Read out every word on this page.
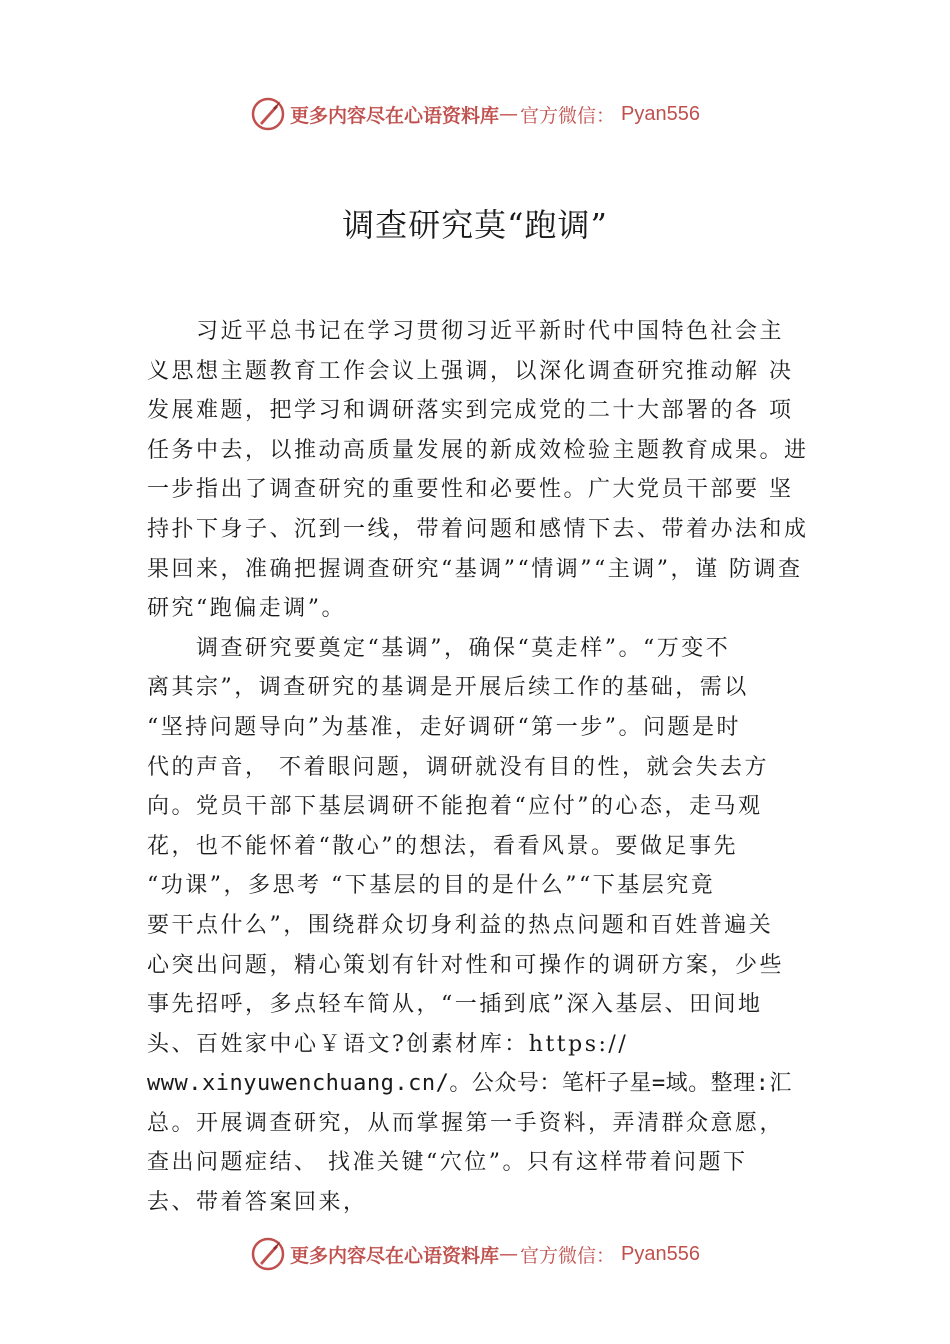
更多内容尽在心语资料库 — 官方微信： Pyan556
调查研究莫“跑调”
　　习近平总书记在学习贯彻习近平新时代中国特色社会主
义思想主题教育工作会议上强调，以深化调查研究推动解 决
发展难题，把学习和调研落实到完成党的二十大部署的各 项
任务中去，以推动高质量发展的新成效检验主题教育成果。进
一步指出了调查研究的重要性和必要性。广大党员干部要 坚
持扑下身子、沉到一线，带着问题和感情下去、带着办法和成
果回来，准确把握调查研究“基调”“情调”“主调”，谨 防调查
研究“跑偏走调”。
　　调查研究要奠定“基调”，确保“莫走样”。“万变不
离其宗”，调查研究的基调是开展后续工作的基础，需以
“坚持问题导向”为基准，走好调研“第一步”。问题是时
代的声音， 不着眼问题，调研就没有目的性，就会失去方
向。党员干部下基层调研不能抱着“应付”的心态，走马观
花，也不能怀着“散心”的想法，看看风景。要做足事先
“功课”，多思考 “下基层的目的是什么”“下基层究竟
要干点什么”，围绕群众切身利益的热点问题和百姓普遍关
心突出问题，精心策划有针对性和可操作的调研方案，少些
事先招呼，多点轻车简从，“一插到底”深入基层、田间地
头、百姓家中心￥语文?创素材库：https://
www.xinyuwenchuang.cn/。公众号：笔杆子星=域。整理:汇
总。开展调查研究，从而掌握第一手资料，弄清群众意愿，
查出问题症结、 找准关键“穴位”。只有这样带着问题下
去、带着答案回来，
更多内容尽在心语资料库 — 官方微信： Pyan556
